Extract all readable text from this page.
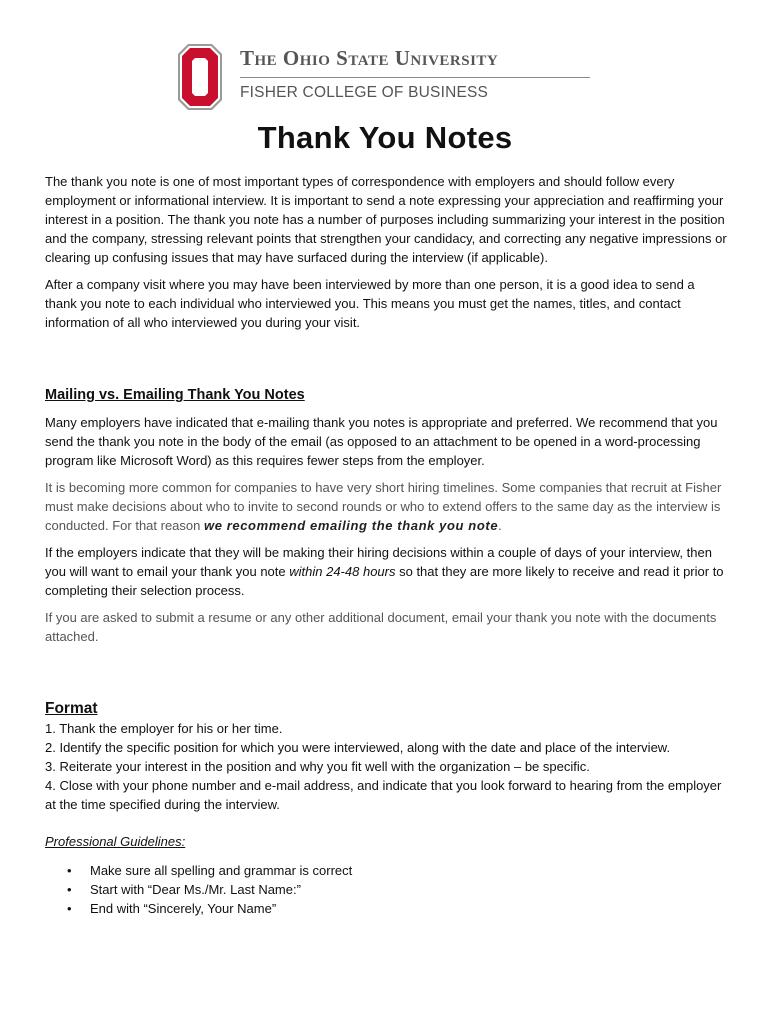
O
The Ohio State University
FISHER COLLEGE OF BUSINESS
Thank You Notes

The thank you note is one of most important types of correspondence with employers and should follow every employment or informational interview. It is important to send a note expressing your appreciation and reaffirming your interest in a position. The thank you note has a number of purposes including summarizing your interest in the position and the company, stressing relevant points that strengthen your candidacy, and correcting any negative impressions or clearing up confusing issues that may have surfaced during the interview (if applicable).

After a company visit where you may have been interviewed by more than one person, it is a good idea to send a thank you note to each individual who interviewed you. This means you must get the names, titles, and contact information of all who interviewed you during your visit.

Mailing vs. Emailing Thank You Notes

Many employers have indicated that e-mailing thank you notes is appropriate and preferred. We recommend that you send the thank you note in the body of the email (as opposed to an attachment to be opened in a word-processing program like Microsoft Word) as this requires fewer steps from the employer.

It is becoming more common for companies to have very short hiring timelines. Some companies that recruit at Fisher must make decisions about who to invite to second rounds or who to extend offers to the same day as the interview is conducted. For that reason we recommend emailing the thank you note.

If the employers indicate that they will be making their hiring decisions within a couple of days of your interview, then you will want to email your thank you note within 24-48 hours so that they are more likely to receive and read it prior to completing their selection process.

If you are asked to submit a resume or any other additional document, email your thank you note with the documents attached.

Format

1. Thank the employer for his or her time.

2. Identify the specific position for which you were interviewed, along with the date and place of the interview.

3. Reiterate your interest in the position and why you fit well with the organization – be specific.

4. Close with your phone number and e-mail address, and indicate that you look forward to hearing from the employer at the time specified during the interview.

Professional Guidelines:

• Make sure all spelling and grammar is correct
• Start with “Dear Ms./Mr. Last Name:”
• End with “Sincerely, Your Name”
